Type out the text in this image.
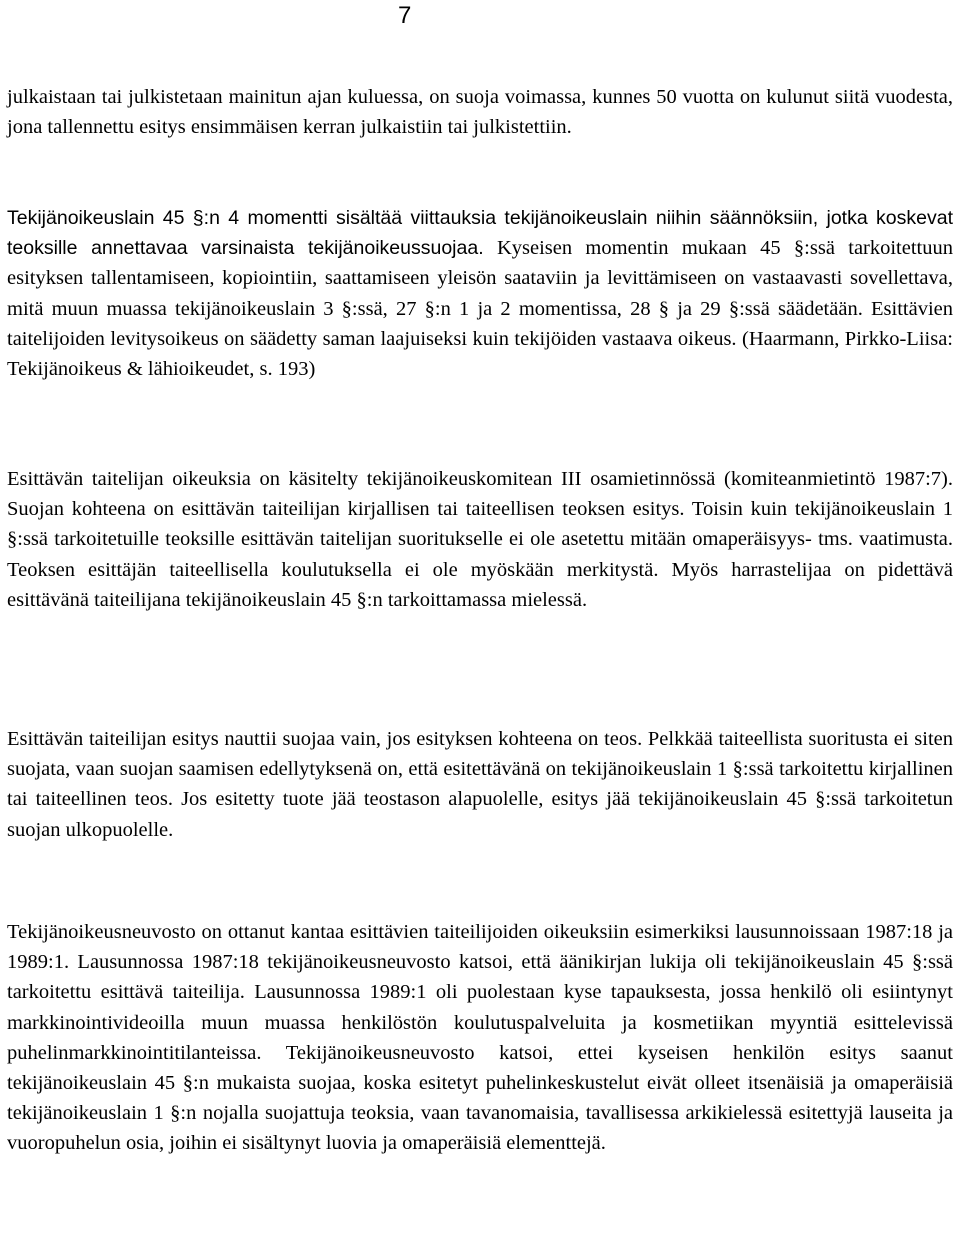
7

julkaistaan tai julkistetaan mainitun ajan kuluessa, on suoja voimassa, kunnes 50 vuotta on kulunut siitä vuodesta, jona tallennettu esitys ensimmäisen kerran julkaistiin tai julkistettiin.

Tekijänoikeuslain 45 §:n 4 momentti sisältää viittauksia tekijänoikeuslain niihin säännöksiin, jotka koskevat teoksille annettavaa varsinaista tekijänoikeussuojaa. Kyseisen momentin mukaan 45 §:ssä tarkoitettuun esityksen tallentamiseen, kopiointiin, saattamiseen yleisön saataviin ja levittämiseen on vastaavasti sovellettava, mitä muun muassa tekijänoikeuslain 3 §:ssä, 27 §:n 1 ja 2 momentissa, 28 § ja 29 §:ssä säädetään. Esittävien taitelijoiden levitysoikeus on säädetty saman laajuiseksi kuin tekijöiden vastaava oikeus. (Haarmann, Pirkko-Liisa: Tekijänoikeus & lähioikeudet, s. 193)

Esittävän taitelijan oikeuksia on käsitelty tekijänoikeuskomitean III osamietinnössä (komiteanmietintö 1987:7). Suojan kohteena on esittävän taiteilijan kirjallisen tai taiteellisen teoksen esitys. Toisin kuin tekijänoikeuslain 1 §:ssä tarkoitetuille teoksille esittävän taitelijan suoritukselle ei ole asetettu mitään omaperäisyys- tms. vaatimusta. Teoksen esittäjän taiteellisella koulutuksella ei ole myöskään merkitystä. Myös harrastelijaa on pidettävä esittävänä taiteilijana tekijänoikeuslain 45 §:n tarkoittamassa mielessä.

Esittävän taiteilijan esitys nauttii suojaa vain, jos esityksen kohteena on teos. Pelkkää taiteellista suoritusta ei siten suojata, vaan suojan saamisen edellytyksenä on, että esitettävänä on tekijänoikeuslain 1 §:ssä tarkoitettu kirjallinen tai taiteellinen teos. Jos esitetty tuote jää teostason alapuolelle, esitys jää tekijänoikeuslain 45 §:ssä tarkoitetun suojan ulkopuolelle.

Tekijänoikeusneuvosto on ottanut kantaa esittävien taiteilijoiden oikeuksiin esimerkiksi lausunnoissaan 1987:18 ja 1989:1. Lausunnossa 1987:18 tekijänoikeusneuvosto katsoi, että äänikirjan lukija oli tekijänoikeuslain 45 §:ssä tarkoitettu esittävä taiteilija. Lausunnossa 1989:1 oli puolestaan kyse tapauksesta, jossa henkilö oli esiintynyt markkinointivideoilla muun muassa henkilöstön koulutuspalveluita ja kosmetiikan myyntiä esittelevissä puhelinmarkkinointitilanteissa. Tekijänoikeusneuvosto katsoi, ettei kyseisen henkilön esitys saanut tekijänoikeuslain 45 §:n mukaista suojaa, koska esitetyt puhelinkeskustelut eivät olleet itsenäisiä ja omaperäisiä tekijänoikeuslain 1 §:n nojalla suojattuja teoksia, vaan tavanomaisia, tavallisessa arkikielessä esitettyjä lauseita ja vuoropuhelun osia, joihin ei sisältynyt luovia ja omaperäisiä elementtejä.
